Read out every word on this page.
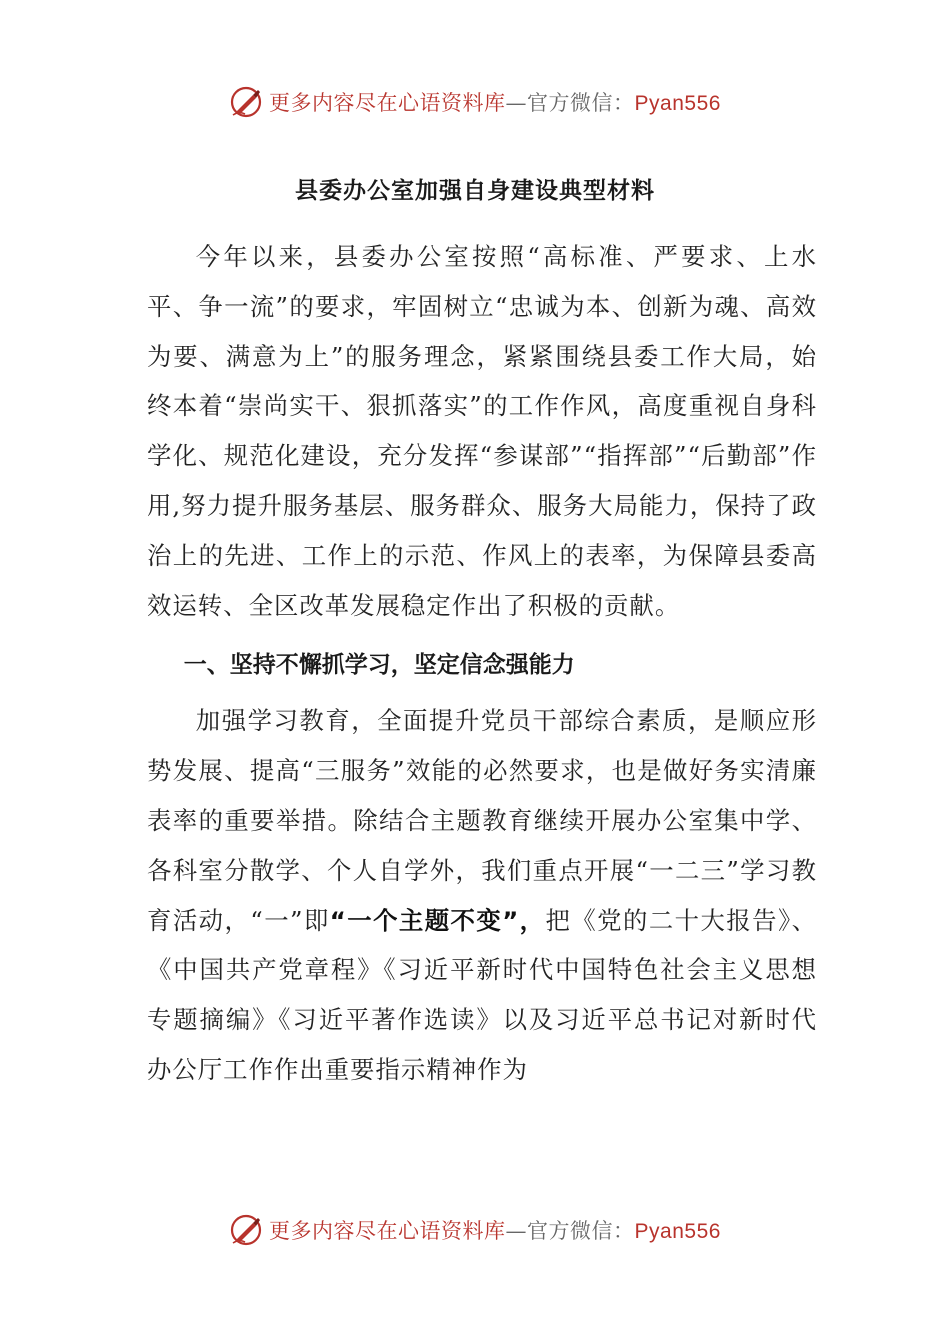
更多内容尽在心语资料库—官方微信：Pyan556
县委办公室加强自身建设典型材料

今年以来，县委办公室按照“高标准、严要求、上水平、争一流”的要求，牢固树立“忠诚为本、创新为魂、高效为要、满意为上”的服务理念，紧紧围绕县委工作大局，始终本着“崇尚实干、狠抓落实”的工作作风，高度重视自身科学化、规范化建设，充分发挥“参谋部”“指挥部”“后勤部”作用,努力提升服务基层、服务群众、服务大局能力，保持了政治上的先进、工作上的示范、作风上的表率，为保障县委高效运转、全区改革发展稳定作出了积极的贡献。

一、坚持不懈抓学习，坚定信念强能力

加强学习教育，全面提升党员干部综合素质，是顺应形势发展、提高“三服务”效能的必然要求，也是做好务实清廉表率的重要举措。除结合主题教育继续开展办公室集中学、各科室分散学、个人自学外，我们重点开展“一二三”学习教育活动，“一”即“一个主题不变”，把《党的二十大报告》、《中国共产党章程》《习近平新时代中国特色社会主义思想专题摘编》《习近平著作选读》以及习近平总书记对新时代办公厅工作作出重要指示精神作为

更多内容尽在心语资料库—官方微信：Pyan556
